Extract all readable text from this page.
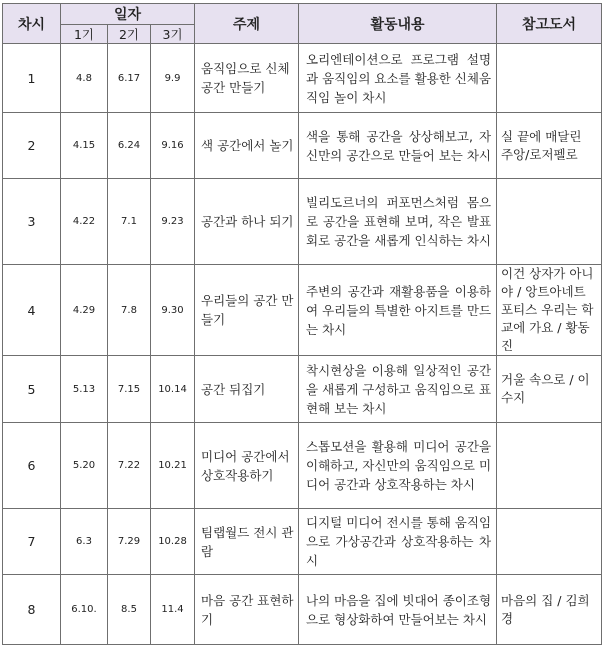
차시	일자			주제	활동내용	참고도서
	1기	2기	3기			
1	4.8	6.17	9.9	움직임으로 신체 공간 만들기	오리엔테이션으로 프로그램 설명과 움직임의 요소를 활용한 신체움직임 놀이 차시	
2	4.15	6.24	9.16	색 공간에서 놀기	색을 통해 공간을 상상해보고, 자신만의 공간으로 만들어 보는 차시	실 끝에 매달린 주앙/로저펠로
3	4.22	7.1	9.23	공간과 하나 되기	빌리도르너의 퍼포먼스처럼 몸으로 공간을 표현해 보며, 작은 발표회로 공간을 새롭게 인식하는 차시	
4	4.29	7.8	9.30	우리들의 공간 만들기	주변의 공간과 재활용품을 이용하여 우리들의 특별한 아지트를 만드는 차시	이건 상자가 아니야 / 앙트아네트 포티스 우리는 학교에 가요 / 황동진
5	5.13	7.15	10.14	공간 뒤집기	착시현상을 이용해 일상적인 공간을 새롭게 구성하고 움직임으로 표현해 보는 차시	거울 속으로 / 이수지
6	5.20	7.22	10.21	미디어 공간에서 상호작용하기	스톱모션을 활용해 미디어 공간을 이해하고, 자신만의 움직임으로 미디어 공간과 상호작용하는 차시	
7	6.3	7.29	10.28	팀랩월드 전시 관람	디지털 미디어 전시를 통해 움직임으로 가상공간과 상호작용하는 차시	
8	6.10.	8.5	11.4	마음 공간 표현하기	나의 마음을 집에 빗대어 종이조형으로 형상화하여 만들어보는 차시	마음의 집 / 김희경
